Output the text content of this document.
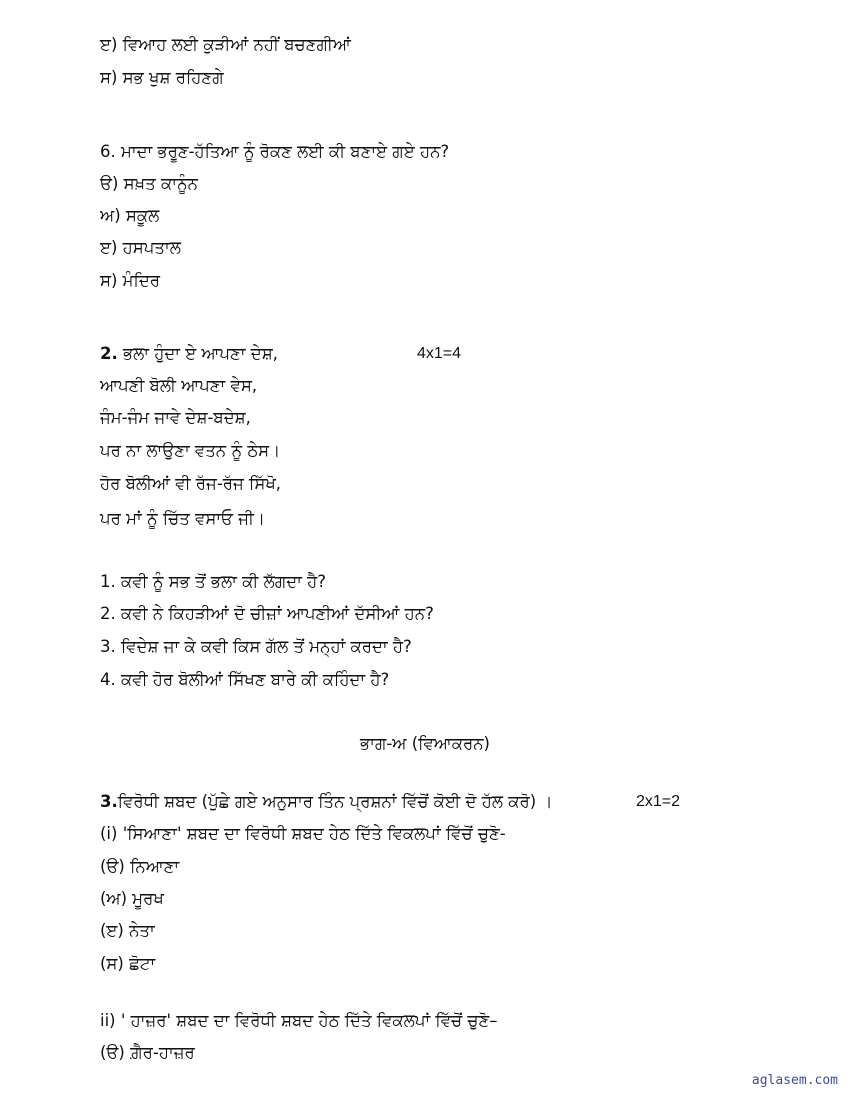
ੲ) ਵਿਆਹ ਲਈ ਕੁੜੀਆਂ ਨਹੀਂ ਬਚਣਗੀਆਂ
ਸ) ਸਭ ਖੁਸ਼ ਰਹਿਣਗੇ
6. ਮਾਦਾ ਭਰੂਣ-ਹੱਤਿਆ ਨੂੰ ਰੋਕਣ ਲਈ ਕੀ ਬਣਾਏ ਗਏ ਹਨ?
ੳ) ਸਖ਼ਤ ਕਾਨੂੰਨ
ਅ) ਸਕੂਲ
ੲ) ਹਸਪਤਾਲ
ਸ) ਮੰਦਿਰ
2. ਭਲਾ ਹੁੰਦਾ ਏ ਆਪਣਾ ਦੇਸ਼,	4x1=4
ਆਪਣੀ ਬੋਲੀ ਆਪਣਾ ਵੇਸ,
ਜੰਮ-ਜੰਮ ਜਾਵੇ ਦੇਸ਼-ਬਦੇਸ਼,
ਪਰ ਨਾ ਲਾਉਣਾ ਵਤਨ ਨੂੰ ਠੇਸ।
ਹੋਰ ਬੋਲੀਆਂ ਵੀ ਰੱਜ-ਰੱਜ ਸਿੱਖੋ,
ਪਰ ਮਾਂ ਨੂੰ ਚਿੱਤ ਵਸਾਓ ਜੀ।
1. ਕਵੀ ਨੂੰ ਸਭ ਤੋਂ ਭਲਾ ਕੀ ਲੱਗਦਾ ਹੈ?
2. ਕਵੀ ਨੇ ਕਿਹੜੀਆਂ ਦੋ ਚੀਜ਼ਾਂ ਆਪਣੀਆਂ ਦੱਸੀਆਂ ਹਨ?
3. ਵਿਦੇਸ਼ ਜਾ ਕੇ ਕਵੀ ਕਿਸ ਗੱਲ ਤੋਂ ਮਨ੍ਹਾਂ ਕਰਦਾ ਹੈ?
4. ਕਵੀ ਹੋਰ ਬੋਲੀਆਂ ਸਿੱਖਣ ਬਾਰੇ ਕੀ ਕਹਿੰਦਾ ਹੈ?
ਭਾਗ-ਅ (ਵਿਆਕਰਨ)
3.ਵਿਰੋਧੀ ਸ਼ਬਦ (ਪੁੱਛੇ ਗਏ ਅਨੁਸਾਰ ਤਿੰਨ ਪ੍ਰਸ਼ਨਾਂ ਵਿੱਚੋਂ ਕੋਈ ਦੋ ਹੱਲ ਕਰੋ) ।	2x1=2
(i) 'ਸਿਆਣਾ' ਸ਼ਬਦ ਦਾ ਵਿਰੋਧੀ ਸ਼ਬਦ ਹੇਠ ਦਿੱਤੇ ਵਿਕਲਪਾਂ ਵਿੱਚੋਂ ਚੁਣੋ-
(ੳ) ਨਿਆਣਾ
(ਅ) ਮੂਰਖ
(ੲ) ਨੇਤਾ
(ਸ) ਛੋਟਾ
ii) ' ਹਾਜ਼ਰ' ਸ਼ਬਦ ਦਾ ਵਿਰੋਧੀ ਸ਼ਬਦ ਹੇਠ ਦਿੱਤੇ ਵਿਕਲਪਾਂ ਵਿੱਚੋਂ ਚੁਣੋ–
(ੳ) ਗ਼ੈਰ-ਹਾਜ਼ਰ
aglasem.com
